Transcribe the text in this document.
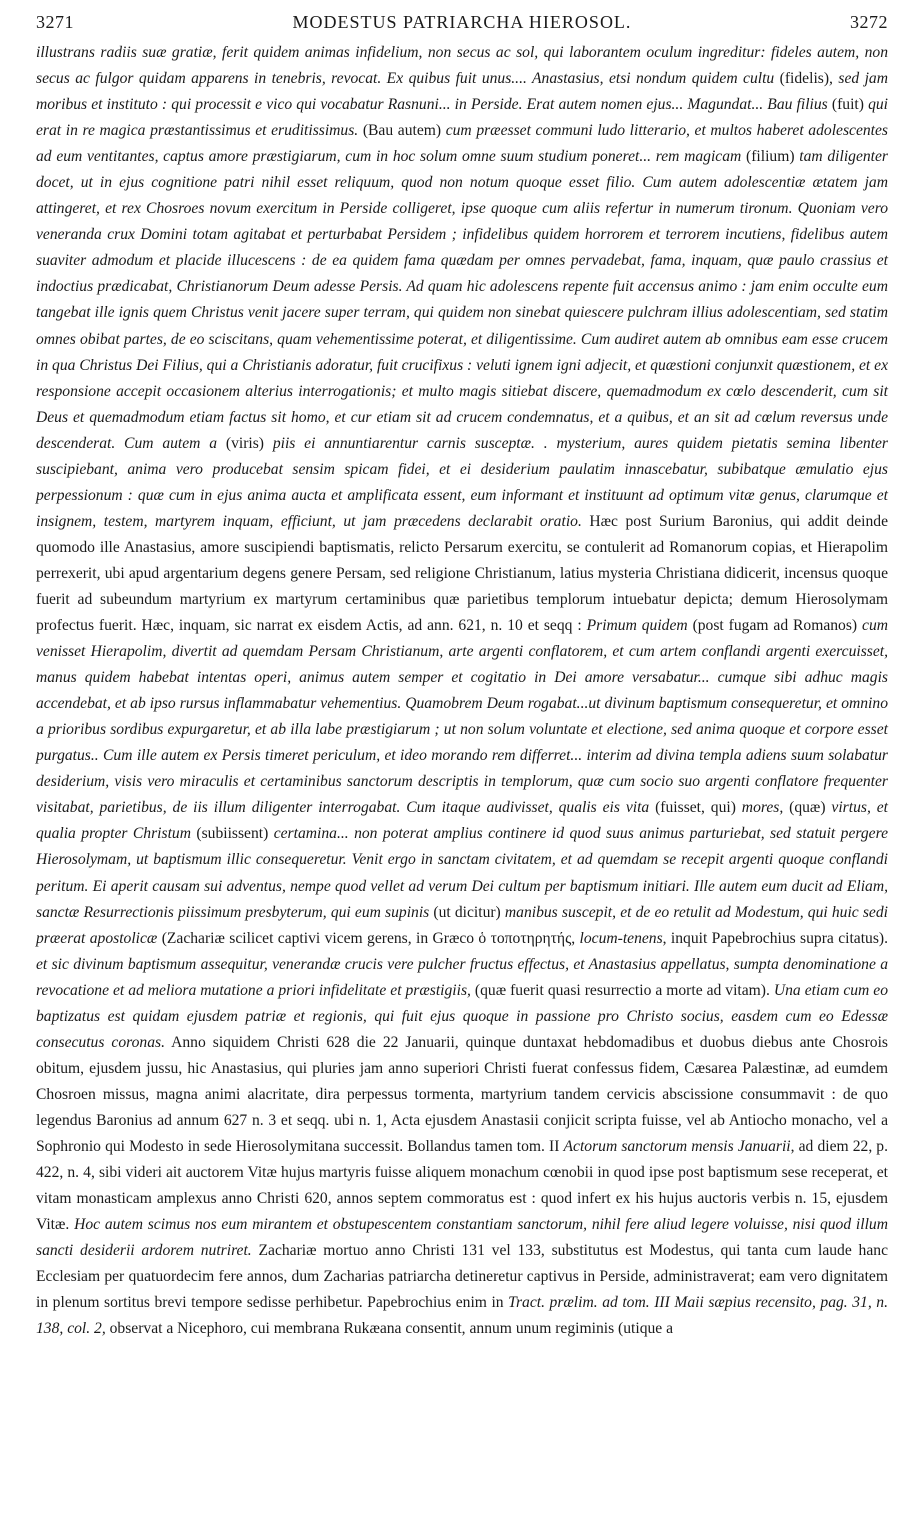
3271	MODESTUS PATRIARCHA HIEROSOL.	3272

illustrans radiis suæ gratiæ, ferit quidem animas infidelium, non secus ac sol, qui laborantem oculum ingreditur: fideles autem, non secus ac fulgor quidam apparens in tenebris, revocat. Ex quibus fuit unus.... Anastasius, etsi nondum quidem cultu (fidelis), sed jam moribus et instituto : qui processit e vico qui vocabatur Rasnuni... in Perside. Erat autem nomen ejus... Magundat... Bau filius (fuit) qui erat in re magica præstantissimus et eruditissimus. (Bau autem) cum præesset communi ludo litterario, et multos haberet adolescentes ad eum ventitantes, captus amore præstigiarum, cum in hoc solum omne suum studium poneret... rem magicam (filium) tam diligenter docet, ut in ejus cognitione patri nihil esset reliquum, quod non notum quoque esset filio. Cum autem adolescentiæ ætatem jam attingeret, et rex Chosroes novum exercitum in Perside colligeret, ipse quoque cum aliis refertur in numerum tironum. Quoniam vero veneranda crux Domini totam agitabat et perturbabat Persidem ; infidelibus quidem horrorem et terrorem incutiens, fidelibus autem suaviter admodum et placide illucescens : de ea quidem fama quædam per omnes pervadebat, fama, inquam, quæ paulo crassius et indoctius prædicabat, Christianorum Deum adesse Persis. Ad quam hic adolescens repente fuit accensus animo : jam enim occulte eum tangebat ille ignis quem Christus venit jacere super terram, qui quidem non sinebat quiescere pulchram illius adolescentiam, sed statim omnes obibat partes, de eo sciscitans, quam vehementissime poterat, et diligentissime. Cum audiret autem ab omnibus eam esse crucem in qua Christus Dei Filius, qui a Christianis adoratur, fuit crucifixus : veluti ignem igni adjecit, et quæstioni conjunxit quæstionem, et ex responsione accepit occasionem alterius interrogationis; et multo magis sitiebat discere, quemadmodum ex cœlo descenderit, cum sit Deus et quemadmodum etiam factus sit homo, et cur etiam sit ad crucem condemnatus, et a quibus, et an sit ad cœlum reversus unde descenderat. Cum autem a (viris) piis ei annuntiarentur carnis susceptæ. . mysterium, aures quidem pietatis semina libenter suscipiebant, anima vero producebat sensim spicam fidei, et ei desiderium paulatim innascebatur, subibatque æmulatio ejus perpessionum : quæ cum in ejus anima aucta et amplificata essent, eum informant et instituunt ad optimum vitæ genus, clarumque et insignem, testem, martyrem inquam, efficiunt, ut jam præcedens declarabit oratio. Hæc post Surium Baronius, qui addit deinde quomodo ille Anastasius, amore suscipiendi baptismatis, relicto Persarum exercitu, se contulerit ad Romanorum copias, et Hierapolim perrexerit, ubi apud argentarium degens genere Persam, sed religione Christianum, latius mysteria Christiana didicerit, incensus quoque fuerit ad subeundum martyrium ex martyrum certaminibus quæ parietibus templorum intuebatur depicta; demum Hierosolymam profectus fuerit. Hæc, inquam, sic narrat ex eisdem Actis, ad ann. 621, n. 10 et seqq : Primum quidem (post fugam ad Romanos) cum venisset Hierapolim, divertit ad quemdam Persam Christianum, arte argenti conflatorem, et cum artem conflandi argenti exercuisset, manus quidem habebat intentas operi, animus autem semper et cogitatio in Dei amore versabatur... cumque sibi adhuc magis accendebat, et ab ipso rursus inflammabatur vehementius. Quamobrem Deum rogabat...ut divinum baptismum consequeretur, et omnino a prioribus sordibus expurgaretur, et ab illa labe præstigiarum ; ut non solum voluntate et electione, sed anima quoque et corpore esset purgatus.. Cum ille autem ex Persis timeret periculum, et ideo morando rem differret... interim ad divina templa adiens suum solabatur desiderium, visis vero miraculis et certaminibus sanctorum descriptis in templorum, quæ cum socio suo argenti conflatore frequenter visitabat, parietibus, de iis illum diligenter interrogabat. Cum itaque audivisset, qualis eis vita (fuisset, qui) mores, (quæ) virtus, et qualia propter Christum (subiissent) certamina... non poterat amplius continere id quod suus animus parturiebat, sed statuit pergere Hierosolymam, ut baptismum illic consequeretur. Venit ergo in sanctam civitatem, et ad quemdam se recepit argenti quoque conflandi peritum. Ei aperit causam sui adventus, nempe quod vellet ad verum Dei cultum per baptismum initiari. Ille autem eum ducit ad Eliam, sanctæ Resurrectionis piissimum presbyterum, qui eum supinis (ut dicitur) manibus suscepit, et de eo retulit ad Modestum, qui huic sedi præerat apostolicæ (Zachariæ scilicet captivi vicem gerens, in Græco ὁ τοποτηρητής, locum-tenens, inquit Papebrochius supra citatus). et sic divinum baptismum assequitur, venerandæ crucis vere pulcher fructus effectus, et Anastasius appellatus, sumpta denominatione a revocatione et ad meliora mutatione a priori infidelitate et præstigiis, (quæ fuerit quasi resurrectio a morte ad vitam). Una etiam cum eo baptizatus est quidam ejusdem patriæ et regionis, qui fuit ejus quoque in passione pro Christo socius, easdem cum eo Edessæ consecutus coronas. Anno siquidem Christi 628 die 22 Januarii, quinque duntaxat hebdomadibus et duobus diebus ante Chosrois obitum, ejusdem jussu, hic Anastasius, qui pluries jam anno superiori Christi fuerat confessus fidem, Cæsarea Palæstinæ, ad eumdem Chosroen missus, magna animi alacritate, dira perpessus tormenta, martyrium tandem cervicis abscissione consummavit : de quo legendus Baronius ad annum 627 n. 3 et seqq. ubi n. 1, Acta ejusdem Anastasii conjicit scripta fuisse, vel ab Antiocho monacho, vel a Sophronio qui Modesto in sede Hierosolymitana successit. Bollandus tamen tom. II Actorum sanctorum mensis Januarii, ad diem 22, p. 422, n. 4, sibi videri ait auctorem Vitæ hujus martyris fuisse aliquem monachum cœnobii in quod ipse post baptismum sese receperat, et vitam monasticam amplexus anno Christi 620, annos septem commoratus est : quod infert ex his hujus auctoris verbis n. 15, ejusdem Vitæ. Hoc autem scimus nos eum mirantem et obstupescentem constantiam sanctorum, nihil fere aliud legere voluisse, nisi quod illum sancti desiderii ardorem nutriret. Zachariæ mortuo anno Christi 131 vel 133, substitutus est Modestus, qui tanta cum laude hanc Ecclesiam per quatuordecim fere annos, dum Zacharias patriarcha detineretur captivus in Perside, administraverat; eam vero dignitatem in plenum sortitus brevi tempore sedisse perhibetur. Papebrochius enim in Tract. prælim. ad tom. III Maii sæpius recensito, pag. 31, n. 138, col. 2, observat a Nicephoro, cui membrana Rukæana consentit, annum unum regiminis (utique a
